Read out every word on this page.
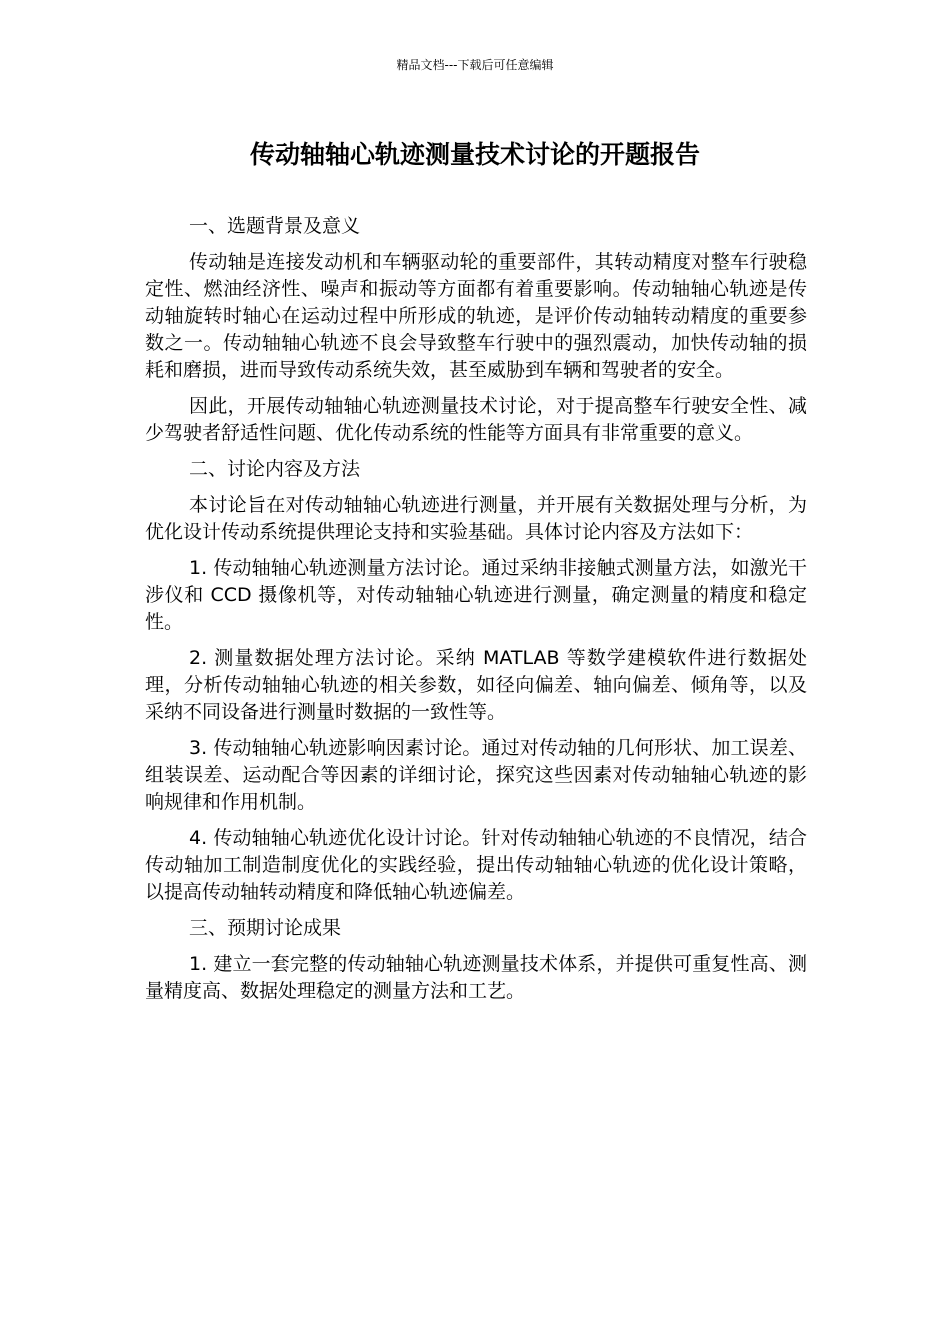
精品文档---下载后可任意编辑
传动轴轴心轨迹测量技术讨论的开题报告

一、选题背景及意义

传动轴是连接发动机和车辆驱动轮的重要部件，其转动精度对整车行驶稳定性、燃油经济性、噪声和振动等方面都有着重要影响。传动轴轴心轨迹是传动轴旋转时轴心在运动过程中所形成的轨迹，是评价传动轴转动精度的重要参数之一。传动轴轴心轨迹不良会导致整车行驶中的强烈震动，加快传动轴的损耗和磨损，进而导致传动系统失效，甚至威胁到车辆和驾驶者的安全。

因此，开展传动轴轴心轨迹测量技术讨论，对于提高整车行驶安全性、减少驾驶者舒适性问题、优化传动系统的性能等方面具有非常重要的意义。

二、讨论内容及方法

本讨论旨在对传动轴轴心轨迹进行测量，并开展有关数据处理与分析，为优化设计传动系统提供理论支持和实验基础。具体讨论内容及方法如下：

1. 传动轴轴心轨迹测量方法讨论。通过采纳非接触式测量方法，如激光干涉仪和 CCD 摄像机等，对传动轴轴心轨迹进行测量，确定测量的精度和稳定性。

2. 测量数据处理方法讨论。采纳 MATLAB 等数学建模软件进行数据处理，分析传动轴轴心轨迹的相关参数，如径向偏差、轴向偏差、倾角等，以及采纳不同设备进行测量时数据的一致性等。

3. 传动轴轴心轨迹影响因素讨论。通过对传动轴的几何形状、加工误差、组装误差、运动配合等因素的详细讨论，探究这些因素对传动轴轴心轨迹的影响规律和作用机制。

4. 传动轴轴心轨迹优化设计讨论。针对传动轴轴心轨迹的不良情况，结合传动轴加工制造制度优化的实践经验，提出传动轴轴心轨迹的优化设计策略，以提高传动轴转动精度和降低轴心轨迹偏差。

三、预期讨论成果

1. 建立一套完整的传动轴轴心轨迹测量技术体系，并提供可重复性高、测量精度高、数据处理稳定的测量方法和工艺。
